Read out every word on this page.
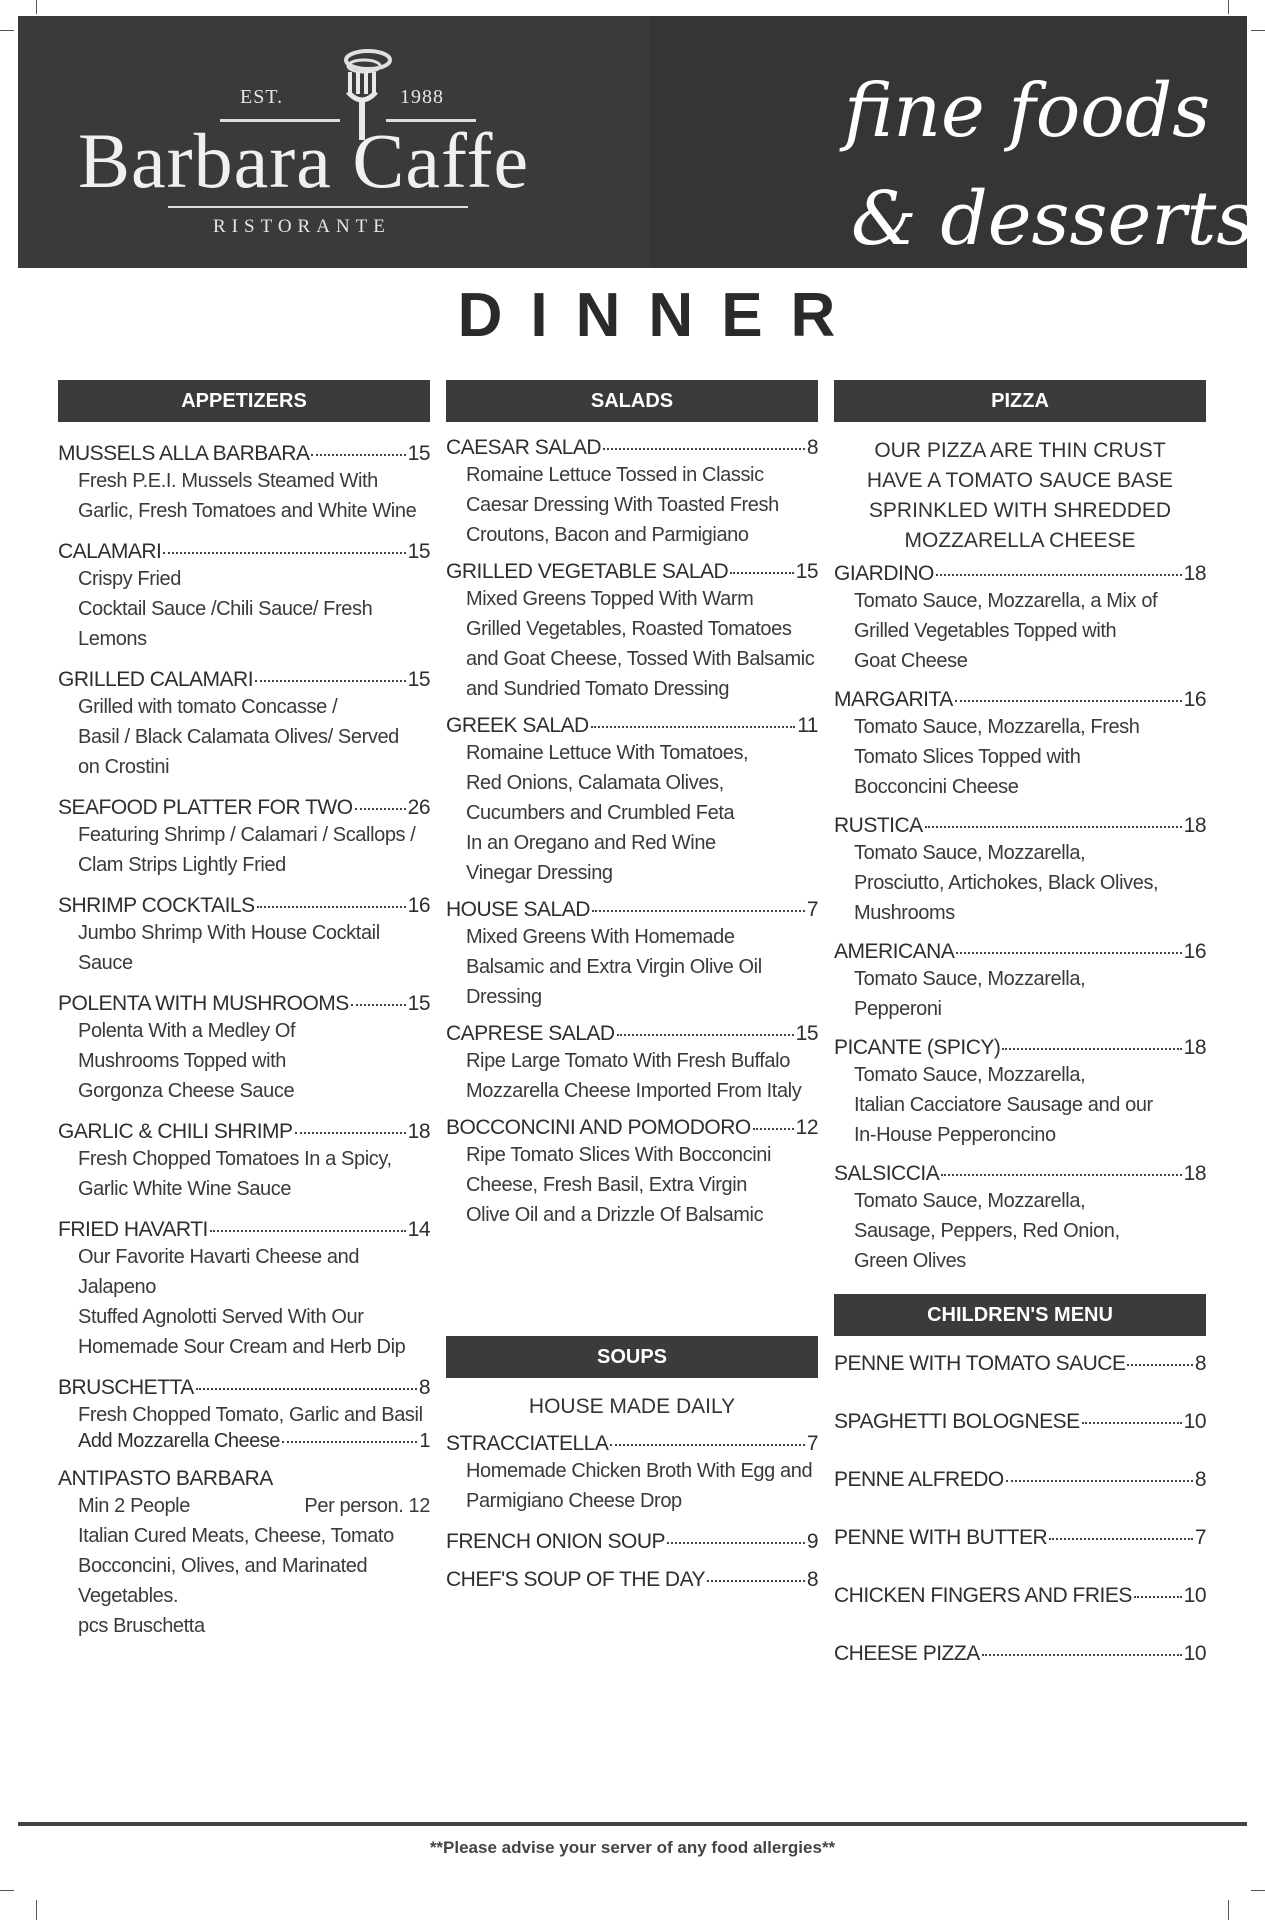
EST.	1988
Barbara Caffe
RISTORANTE
fine foods
& desserts
DINNER
APPETIZERS
MUSSELS ALLA BARBARA	15
Fresh P.E.I. Mussels Steamed With
Garlic, Fresh Tomatoes and White Wine
CALAMARI	15
Crispy Fried
Cocktail Sauce /Chili Sauce/ Fresh Lemons
GRILLED CALAMARI	15
Grilled with tomato Concasse /
Basil / Black Calamata Olives/ Served
on Crostini
SEAFOOD PLATTER FOR TWO	26
Featuring Shrimp / Calamari / Scallops /
Clam Strips Lightly Fried
SHRIMP COCKTAILS	16
Jumbo Shrimp With House Cocktail Sauce
POLENTA WITH MUSHROOMS	15
Polenta With a Medley Of
Mushrooms Topped with
Gorgonza Cheese Sauce
GARLIC & CHILI SHRIMP	18
Fresh Chopped Tomatoes In a Spicy,
Garlic White Wine Sauce
FRIED HAVARTI	14
Our Favorite Havarti Cheese and Jalapeno
Stuffed Agnolotti Served With Our
Homemade Sour Cream and Herb Dip
BRUSCHETTA	8
Fresh Chopped Tomato, Garlic and Basil
Add Mozzarella Cheese	1
ANTIPASTO BARBARA
Min 2 People	Per person. 12
Italian Cured Meats, Cheese, Tomato
Bocconcini, Olives, and Marinated
Vegetables.
pcs Bruschetta
SALADS
CAESAR SALAD	8
Romaine Lettuce Tossed in Classic
Caesar Dressing With Toasted Fresh
Croutons, Bacon and Parmigiano
GRILLED VEGETABLE SALAD	15
Mixed Greens Topped With Warm
Grilled Vegetables, Roasted Tomatoes
and Goat Cheese, Tossed With Balsamic
and Sundried Tomato Dressing
GREEK SALAD	11
Romaine Lettuce With Tomatoes,
Red Onions, Calamata Olives,
Cucumbers and Crumbled Feta
In an Oregano and Red Wine
Vinegar Dressing
HOUSE SALAD	7
Mixed Greens With Homemade
Balsamic and Extra Virgin Olive Oil
Dressing
CAPRESE SALAD	15
Ripe Large Tomato With Fresh Buffalo
Mozzarella Cheese Imported From Italy
BOCCONCINI AND POMODORO 12
Ripe Tomato Slices With Bocconcini
Cheese, Fresh Basil, Extra Virgin
Olive Oil and a Drizzle Of Balsamic
SOUPS
HOUSE MADE DAILY
STRACCIATELLA	7
Homemade Chicken Broth With Egg and
Parmigiano Cheese Drop
FRENCH ONION SOUP	9
CHEF'S SOUP OF THE DAY	8
PIZZA
OUR PIZZA ARE THIN CRUST
HAVE A TOMATO SAUCE BASE
SPRINKLED WITH SHREDDED
MOZZARELLA CHEESE
GIARDINO	18
Tomato Sauce, Mozzarella, a Mix of
Grilled Vegetables Topped with
Goat Cheese
MARGARITA	16
Tomato Sauce, Mozzarella, Fresh
Tomato Slices Topped with
Bocconcini Cheese
RUSTICA	18
Tomato Sauce, Mozzarella,
Prosciutto, Artichokes, Black Olives,
Mushrooms
AMERICANA	16
Tomato Sauce, Mozzarella,
Pepperoni
PICANTE (SPICY)	18
Tomato Sauce, Mozzarella,
Italian Cacciatore Sausage and our
In-House Pepperoncino
SALSICCIA	18
Tomato Sauce, Mozzarella,
Sausage, Peppers, Red Onion,
Green Olives
CHILDREN'S MENU
PENNE WITH TOMATO SAUCE	8
SPAGHETTI BOLOGNESE	10
PENNE ALFREDO	8
PENNE WITH BUTTER	7
CHICKEN FINGERS AND FRIES 10
CHEESE PIZZA	10
**Please advise your server of any food allergies**
